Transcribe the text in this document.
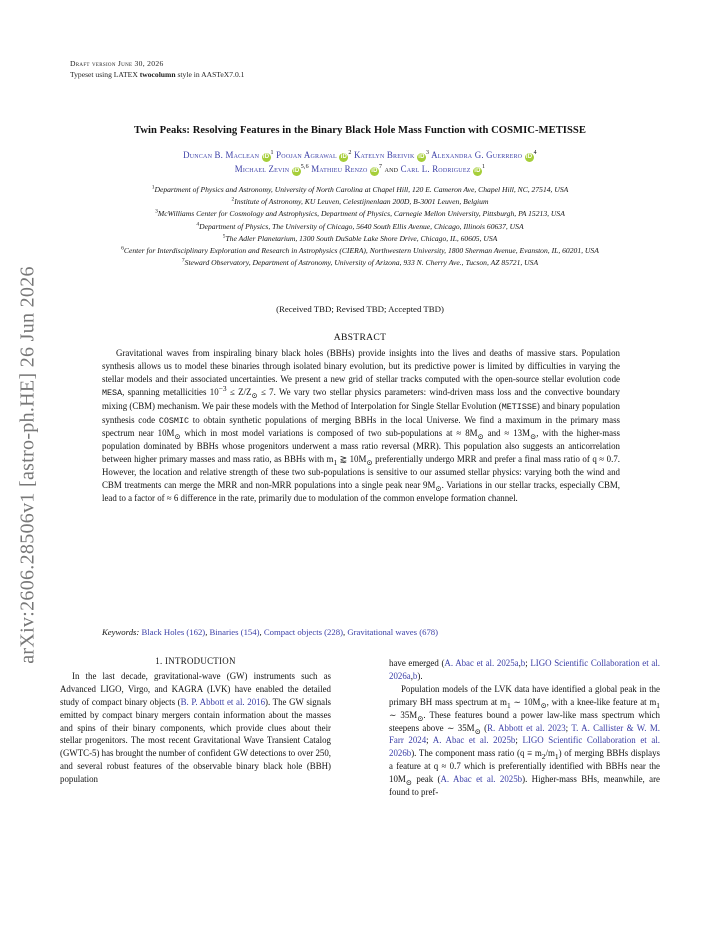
arXiv:2606.28506v1 [astro-ph.HE] 26 Jun 2026
Draft version June 30, 2026
Typeset using LATEX twocolumn style in AASTeX7.0.1
Twin Peaks: Resolving Features in the Binary Black Hole Mass Function with COSMIC-METISSE
Duncan B. Maclean $iD^1$ Poojan Agrawal $iD^2$ Katelyn Breivik $iD^3$ Alexandra G. Guerrero $iD^4$
Michael Zevin iD$^{5,6}$ Mathieu Renzo $iD^7$ and Carl L. Rodriguez $iD^1$
$^1$Department of Physics and Astronomy, University of North Carolina at Chapel Hill, 120 E. Cameron Ave, Chapel Hill, NC, 27514, USA
$^2$Institute of Astronomy, KU Leuven, Celestijnenlaan 200D, B-3001 Leuven, Belgium
$^3$McWilliams Center for Cosmology and Astrophysics, Department of Physics, Carnegie Mellon University, Pittsburgh, PA 15213, USA
$^4$Department of Physics, The University of Chicago, 5640 South Ellis Avenue, Chicago, Illinois 60637, USA
$^5$The Adler Planetarium, 1300 South DuSable Lake Shore Drive, Chicago, IL, 60605, USA
$^6$Center for Interdisciplinary Exploration and Research in Astrophysics (CIERA), Northwestern University, 1800 Sherman Avenue, Evanston, IL, 60201, USA
$^7$Steward Observatory, Department of Astronomy, University of Arizona, 933 N. Cherry Ave., Tucson, AZ 85721, USA
(Received TBD; Revised TBD; Accepted TBD)
ABSTRACT
Gravitational waves from inspiraling binary black holes (BBHs) provide insights into the lives and deaths of massive stars. Population synthesis allows us to model these binaries through isolated binary evolution, but its predictive power is limited by difficulties in varying the stellar models and their associated uncertainties. We present a new grid of stellar tracks computed with the open-source stellar evolution code MESA, spanning metallicities $10^{-3} \le Z/Z_⊙ \le 7$. We vary two stellar physics parameters: wind-driven mass loss and the convective boundary mixing (CBM) mechanism. We pair these models with the Method of Interpolation for Single Stellar Evolution (METISSE) and binary population synthesis code COSMIC to obtain synthetic populations of merging BBHs in the local Universe. We find a maximum in the primary mass spectrum near $10M_⊙$ which in most model variations is composed of two sub-populations at ≈ $8M_⊙$ and ≈ $13M_⊙$, with the higher-mass population dominated by BBHs whose progenitors underwent a mass ratio reversal (MRR). This population also suggests an anticorrelation between higher primary masses and mass ratio, as BBHs with $m_1$ ⪆ $10M_⊙$ preferentially undergo MRR and prefer a final mass ratio of q ≈ 0.7. However, the location and relative strength of these two sub-populations is sensitive to our assumed stellar physics: varying both the wind and CBM treatments can merge the MRR and non-MRR populations into a single peak near $9M_⊙$. Variations in our stellar tracks, especially CBM, lead to a factor of ≈ 6 difference in the rate, primarily due to modulation of the common envelope formation channel.
Keywords: Black Holes (162), Binaries (154), Compact objects (228), Gravitational waves (678)
1. INTRODUCTION

In the last decade, gravitational-wave (GW) instruments such as Advanced LIGO, Virgo, and KAGRA (LVK) have enabled the detailed study of compact binary objects (B. P. Abbott et al. 2016). The GW signals emitted by compact binary mergers contain information about the masses and spins of their binary components, which provide clues about their stellar progenitors. The most recent Gravitational Wave Transient Catalog (GWTC-5) has brought the number of confident GW detections to over 250, and several robust features of the observable binary black hole (BBH) population

have emerged (A. Abac et al. 2025a,b; LIGO Scientific Collaboration et al. 2026a,b).

Population models of the LVK data have identified a global peak in the primary BH mass spectrum at $m_1$ ∼ $10M_⊙$, with a knee-like feature at $m_1$ ∼ $35M_⊙$. These features bound a power law-like mass spectrum which steepens above ∼ $35M_⊙$ (R. Abbott et al. 2023; T. A. Callister & W. M. Farr 2024; A. Abac et al. 2025b; LIGO Scientific Collaboration et al. 2026b). The component mass ratio $(q \equiv m_2/m_1)$ of merging BBHs displays a feature at q ≈ 0.7 which is preferentially identified with BBHs near the $10M_⊙$ peak (A. Abac et al. 2025b). Higher-mass BHs, meanwhile, are found to pref-
